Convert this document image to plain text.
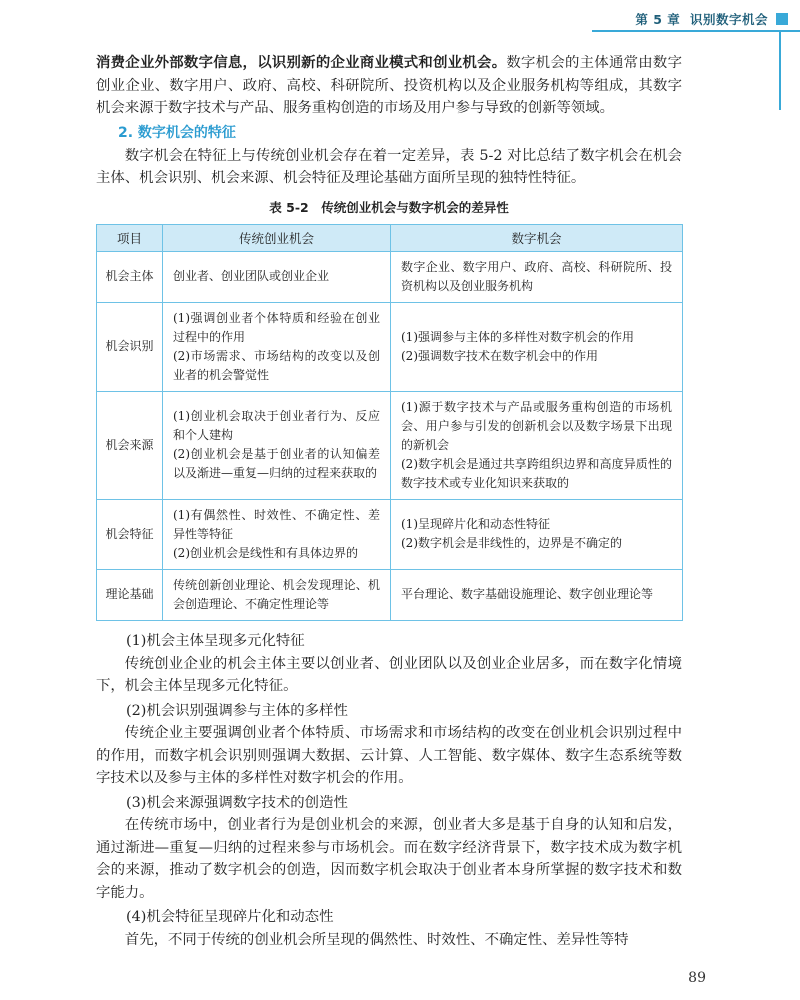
第 5 章 识别数字机会

消费企业外部数字信息，以识别新的企业商业模式和创业机会。数字机会的主体通常由数字创业企业、数字用户、政府、高校、科研院所、投资机构以及企业服务机构等组成，其数字机会来源于数字技术与产品、服务重构创造的市场及用户参与导致的创新等领域。

2. 数字机会的特征

数字机会在特征上与传统创业机会存在着一定差异，表 5-2 对比总结了数字机会在机会主体、机会识别、机会来源、机会特征及理论基础方面所呈现的独特性特征。

表 5-2　传统创业机会与数字机会的差异性
项目	传统创业机会	数字机会
机会主体	创业者、创业团队或创业企业	数字企业、数字用户、政府、高校、科研院所、投资机构以及创业服务机构

机会识别	(1)强调创业者个体特质和经验在创业过程中的作用
(2)市场需求、市场结构的改变以及创业者的机会警觉性	(1)强调参与主体的多样性对数字机会的作用
(2)强调数字技术在数字机会中的作用

机会来源	(1)创业机会取决于创业者行为、反应和个人建构
(2)创业机会是基于创业者的认知偏差以及渐进—重复—归纳的过程来获取的	(1)源于数字技术与产品或服务重构创造的市场机会、用户参与引发的创新机会以及数字场景下出现的新机会
(2)数字机会是通过共享跨组织边界和高度异质性的数字技术或专业化知识来获取的

机会特征	(1)有偶然性、时效性、不确定性、差异性等特征
(2)创业机会是线性和有具体边界的	(1)呈现碎片化和动态性特征
(2)数字机会是非线性的，边界是不确定的

理论基础	传统创新创业理论、机会发现理论、机会创造理论、不确定性理论等	平台理论、数字基础设施理论、数字创业理论等
(1)机会主体呈现多元化特征

传统创业企业的机会主体主要以创业者、创业团队以及创业企业居多，而在数字化情境下，机会主体呈现多元化特征。

(2)机会识别强调参与主体的多样性

传统企业主要强调创业者个体特质、市场需求和市场结构的改变在创业机会识别过程中的作用，而数字机会识别则强调大数据、云计算、人工智能、数字媒体、数字生态系统等数字技术以及参与主体的多样性对数字机会的作用。

(3)机会来源强调数字技术的创造性

在传统市场中，创业者行为是创业机会的来源，创业者大多是基于自身的认知和启发，通过渐进—重复—归纳的过程来参与市场机会。而在数字经济背景下，数字技术成为数字机会的来源，推动了数字机会的创造，因而数字机会取决于创业者本身所掌握的数字技术和数字能力。

(4)机会特征呈现碎片化和动态性

首先，不同于传统的创业机会所呈现的偶然性、时效性、不确定性、差异性等特

89
